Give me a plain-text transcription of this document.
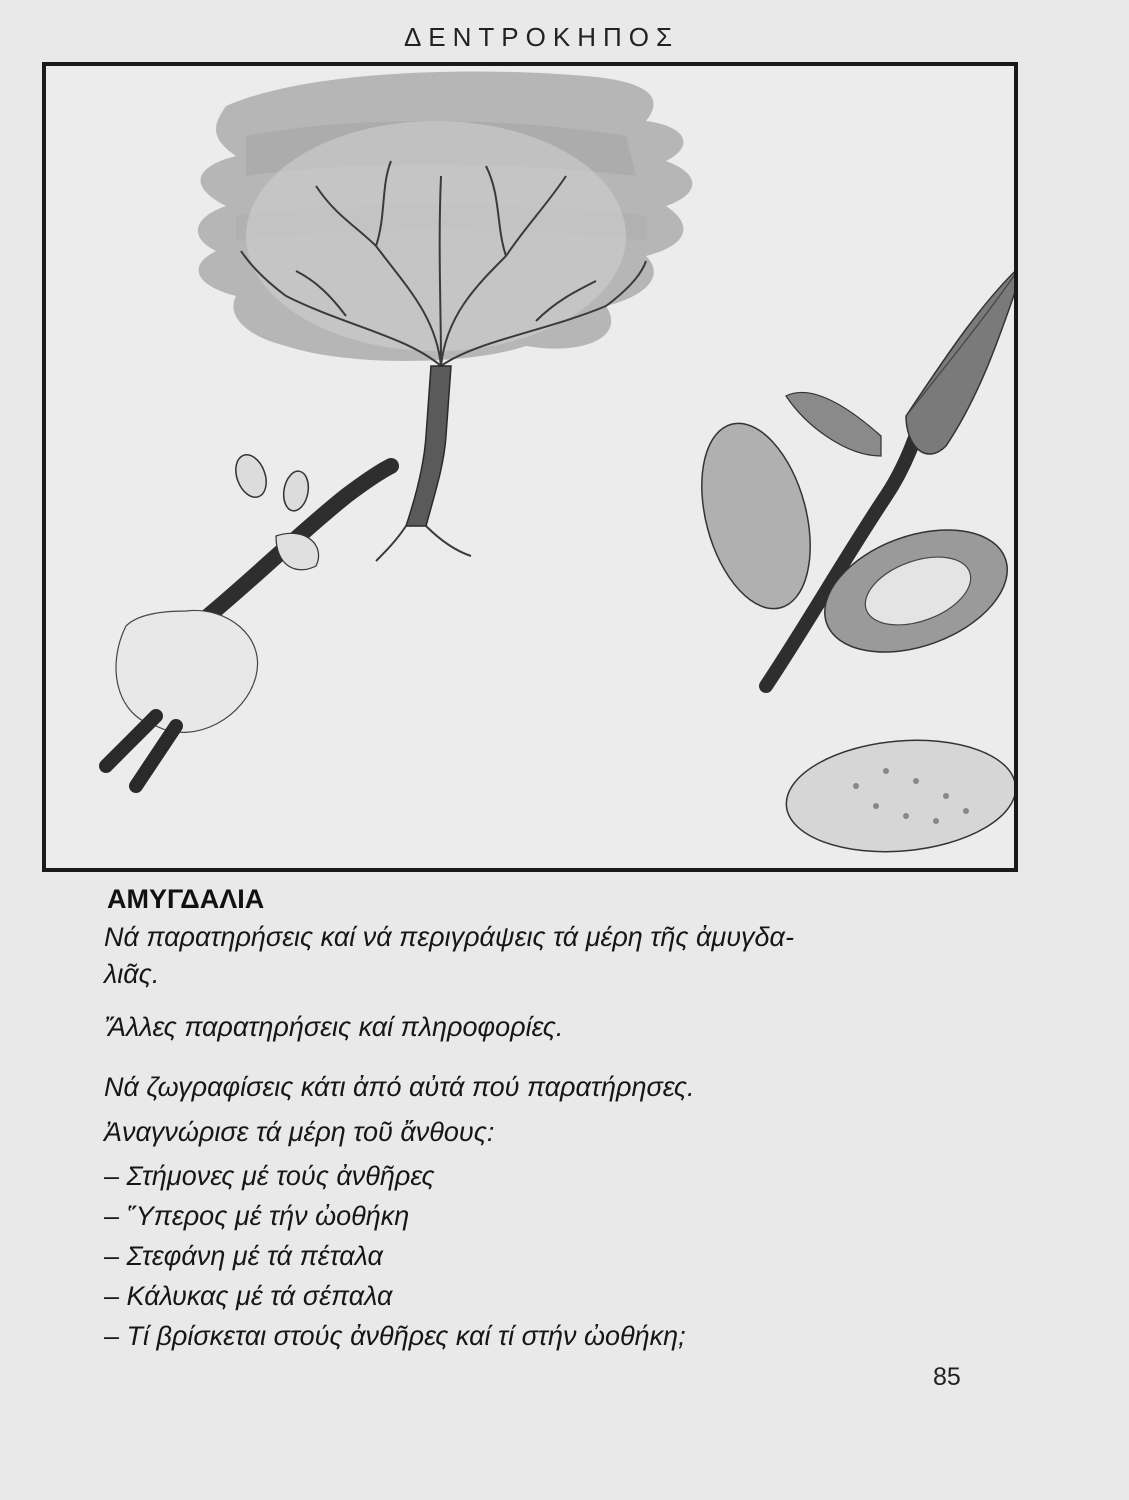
ΔΕΝΤΡΟΚΗΠΟΣ
ΑΜΥΓΔΑΛΙΑ
Νά παρατηρήσεις καί νά περιγράψεις τά μέρη τῆς ἀμυγδα-
λιᾶς.
Ἄλλες παρατηρήσεις καί πληροφορίες.
Νά ζωγραφίσεις κάτι ἀπό αὐτά πού παρατήρησες.
Ἀναγνώρισε τά μέρη τοῦ ἄνθους:
– Στήμονες μέ τούς ἀνθῆρες
– Ὕπερος μέ τήν ὠοθήκη
– Στεφάνη μέ τά πέταλα
– Κάλυκας μέ τά σέπαλα
– Τί βρίσκεται στούς ἀνθῆρες καί τί στήν ὠοθήκη;
85
